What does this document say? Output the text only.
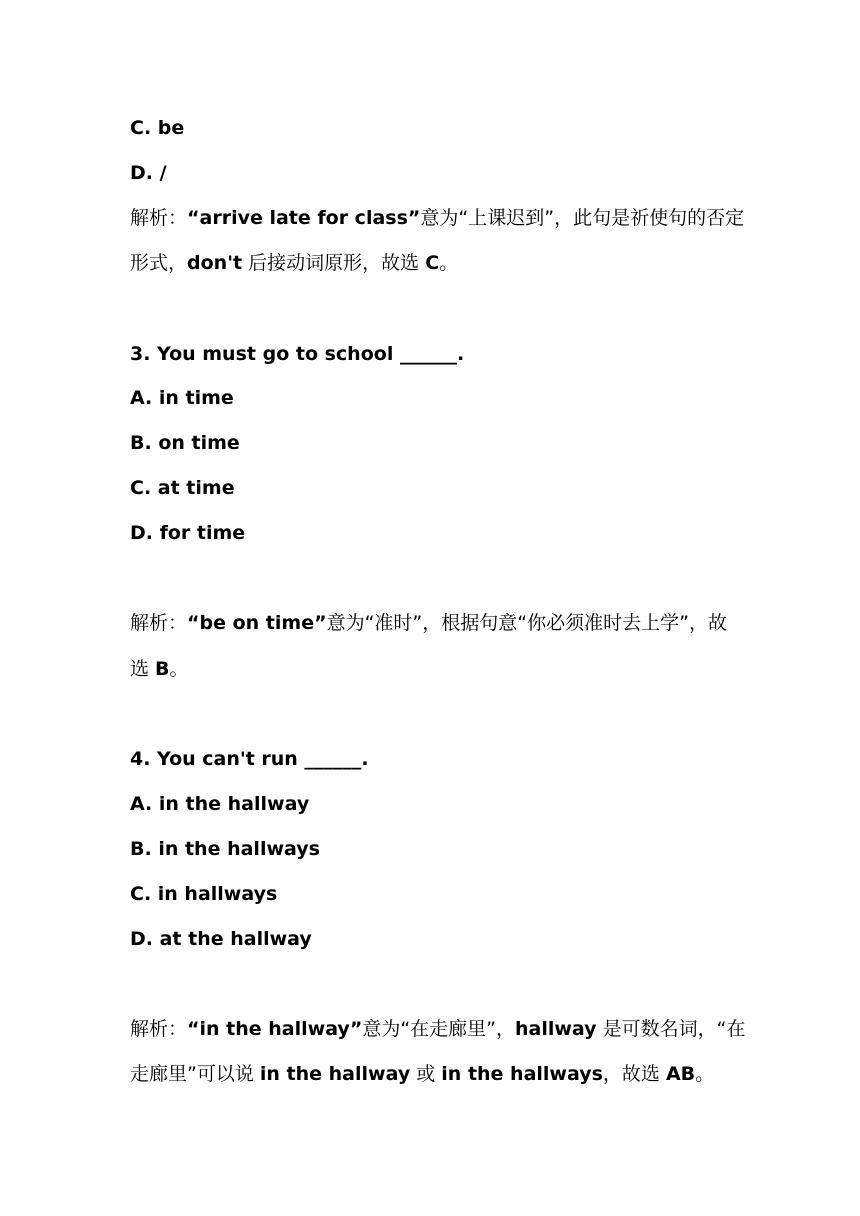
C. be
D. /
解析：“arrive late for class”意为“上课迟到”，此句是祈使句的否定
形式，don't 后接动词原形，故选 C。
3. You must go to school ______.
A. in time
B. on time
C. at time
D. for time
解析：“be on time”意为“准时”，根据句意“你必须准时去上学”，故
选 B。
4. You can't run ______.
A. in the hallway
B. in the hallways
C. in hallways
D. at the hallway
解析：“in the hallway”意为“在走廊里”，hallway 是可数名词，“在
走廊里”可以说 in the hallway 或 in the hallways，故选 AB。
